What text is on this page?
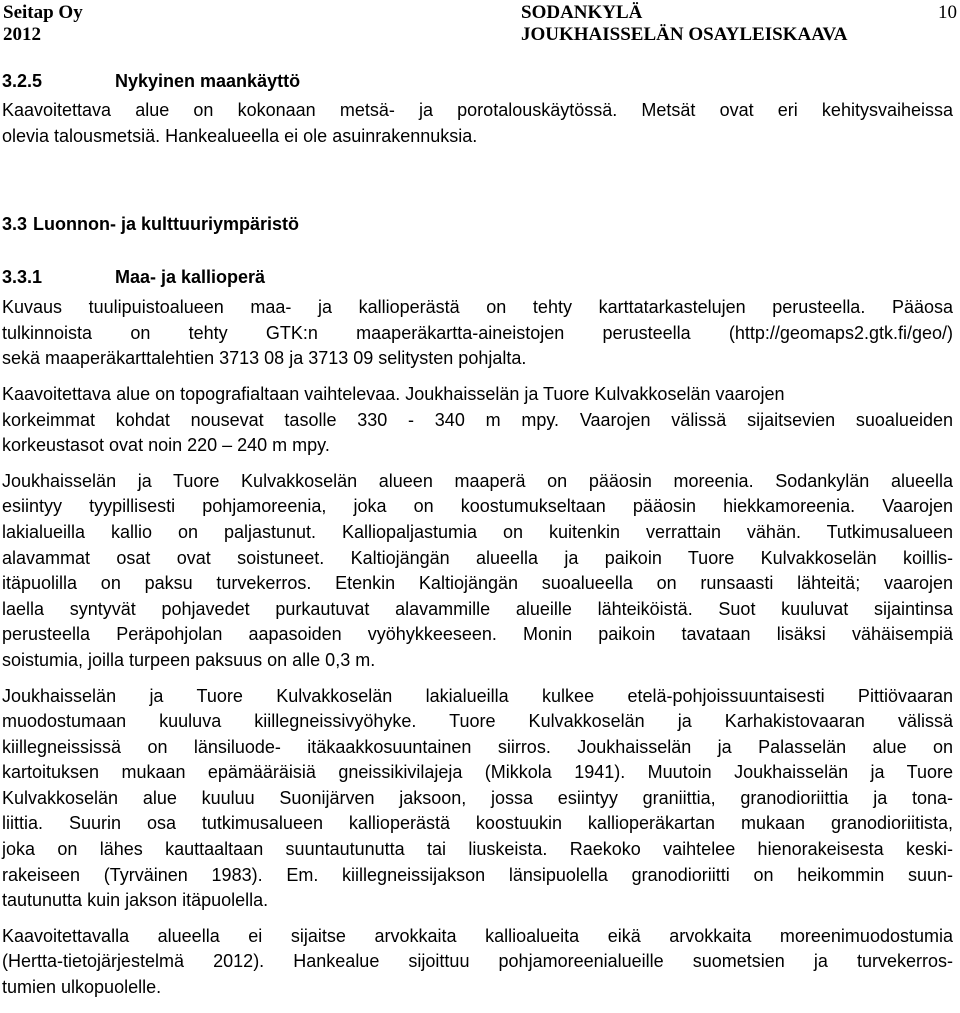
Seitap Oy
2012
SODANKYLÄ
JOUKHAISSELÄN OSAYLEISKAAVA
10
3.2.5	Nykyinen maankäyttö
Kaavoitettava alue on kokonaan metsä- ja porotalouskäytössä. Metsät ovat eri kehitysvaiheissa
olevia talousmetsiä. Hankealueella ei ole asuinrakennuksia.
3.3 Luonnon- ja kulttuuriympäristö
3.3.1	Maa- ja kallioperä
Kuvaus tuulipuistoalueen maa- ja kallioperästä on tehty karttatarkastelujen perusteella. Pääosa
tulkinnoista on tehty GTK:n maaperäkartta-aineistojen perusteella (http://geomaps2.gtk.fi/geo/)
sekä maaperäkarttalehtien 3713 08 ja 3713 09 selitysten pohjalta.
Kaavoitettava alue on topografialtaan vaihtelevaa. Joukhaisselän ja Tuore Kulvakkoselän vaarojen
korkeimmat kohdat nousevat tasolle 330 - 340 m mpy. Vaarojen välissä sijaitsevien suoalueiden
korkeustasot ovat noin 220 – 240 m mpy.
Joukhaisselän ja Tuore Kulvakkoselän alueen maaperä on pääosin moreenia. Sodankylän alueella
esiintyy tyypillisesti pohjamoreenia, joka on koostumukseltaan pääosin hiekkamoreenia. Vaarojen
lakialueilla kallio on paljastunut. Kalliopaljastumia on kuitenkin verrattain vähän. Tutkimusalueen
alavammat osat ovat soistuneet. Kaltiojängän alueella ja paikoin Tuore Kulvakkoselän koillis-
itäpuolilla on paksu turvekerros. Etenkin Kaltiojängän suoalueella on runsaasti lähteitä; vaarojen
laella syntyvät pohjavedet purkautuvat alavammille alueille lähteiköistä. Suot kuuluvat sijaintinsa
perusteella Peräpohjolan aapasoiden vyöhykkeeseen. Monin paikoin tavataan lisäksi vähäisempiä
soistumia, joilla turpeen paksuus on alle 0,3 m.
Joukhaisselän ja Tuore Kulvakkoselän lakialueilla kulkee etelä-pohjoissuuntaisesti Pittiövaaran
muodostumaan kuuluva kiillegneissivyöhyke. Tuore Kulvakkoselän ja Karhakistovaaran välissä
kiillegneississä on länsiluode- itäkaakkosuuntainen siirros. Joukhaisselän ja Palasselän alue on
kartoituksen mukaan epämääräisiä gneissikivilajeja (Mikkola 1941). Muutoin Joukhaisselän ja Tuore
Kulvakkoselän alue kuuluu Suonijärven jaksoon, jossa esiintyy graniittia, granodioriittia ja tona-
liittia. Suurin osa tutkimusalueen kallioperästä koostuukin kallioperäkartan mukaan granodioriitista,
joka on lähes kauttaaltaan suuntautunutta tai liuskeista. Raekoko vaihtelee hienorakeisesta keski-
rakeiseen (Tyrväinen 1983). Em. kiillegneissijakson länsipuolella granodioriitti on heikommin suun-
tautunutta kuin jakson itäpuolella.
Kaavoitettavalla alueella ei sijaitse arvokkaita kallioalueita eikä arvokkaita moreenimuodostumia
(Hertta-tietojärjestelmä 2012). Hankealue sijoittuu pohjamoreenialueille suometsien ja turvekerros-
tumien ulkopuolelle.
